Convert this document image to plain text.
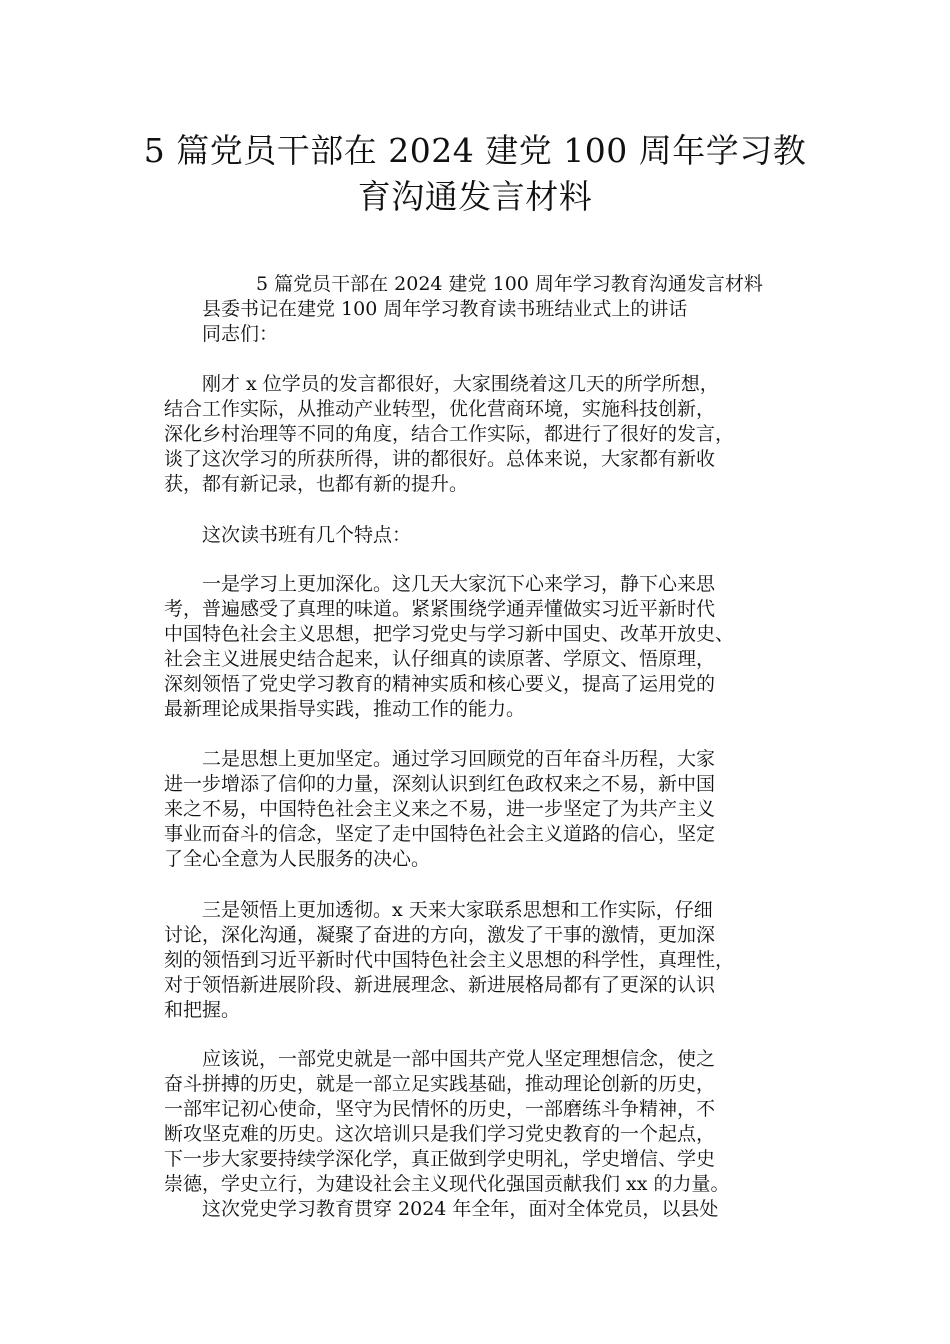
5 篇党员干部在 2024 建党 100 周年学习教
育沟通发言材料
5 篇党员干部在 2024 建党 100 周年学习教育沟通发言材料
县委书记在建党 100 周年学习教育读书班结业式上的讲话
同志们：

刚才 x 位学员的发言都很好，大家围绕着这几天的所学所想，
结合工作实际，从推动产业转型，优化营商环境，实施科技创新，
深化乡村治理等不同的角度，结合工作实际，都进行了很好的发言，
谈了这次学习的所获所得，讲的都很好。总体来说，大家都有新收
获，都有新记录，也都有新的提升。

这次读书班有几个特点：

一是学习上更加深化。这几天大家沉下心来学习，静下心来思
考，普遍感受了真理的味道。紧紧围绕学通弄懂做实习近平新时代
中国特色社会主义思想，把学习党史与学习新中国史、改革开放史、
社会主义进展史结合起来，认仔细真的读原著、学原文、悟原理，
深刻领悟了党史学习教育的精神实质和核心要义，提高了运用党的
最新理论成果指导实践，推动工作的能力。

二是思想上更加坚定。通过学习回顾党的百年奋斗历程，大家
进一步增添了信仰的力量，深刻认识到红色政权来之不易，新中国
来之不易，中国特色社会主义来之不易，进一步坚定了为共产主义
事业而奋斗的信念，坚定了走中国特色社会主义道路的信心，坚定
了全心全意为人民服务的决心。

三是领悟上更加透彻。x 天来大家联系思想和工作实际，仔细
讨论，深化沟通，凝聚了奋进的方向，激发了干事的激情，更加深
刻的领悟到习近平新时代中国特色社会主义思想的科学性，真理性，
对于领悟新进展阶段、新进展理念、新进展格局都有了更深的认识
和把握。

应该说，一部党史就是一部中国共产党人坚定理想信念，使之
奋斗拼搏的历史，就是一部立足实践基础，推动理论创新的历史，
一部牢记初心使命，坚守为民情怀的历史，一部磨练斗争精神，不
断攻坚克难的历史。这次培训只是我们学习党史教育的一个起点，
下一步大家要持续学深化学，真正做到学史明礼，学史增信、学史
崇德，学史立行，为建设社会主义现代化强国贡献我们 xx 的力量。
这次党史学习教育贯穿 2024 年全年，面对全体党员，以县处
